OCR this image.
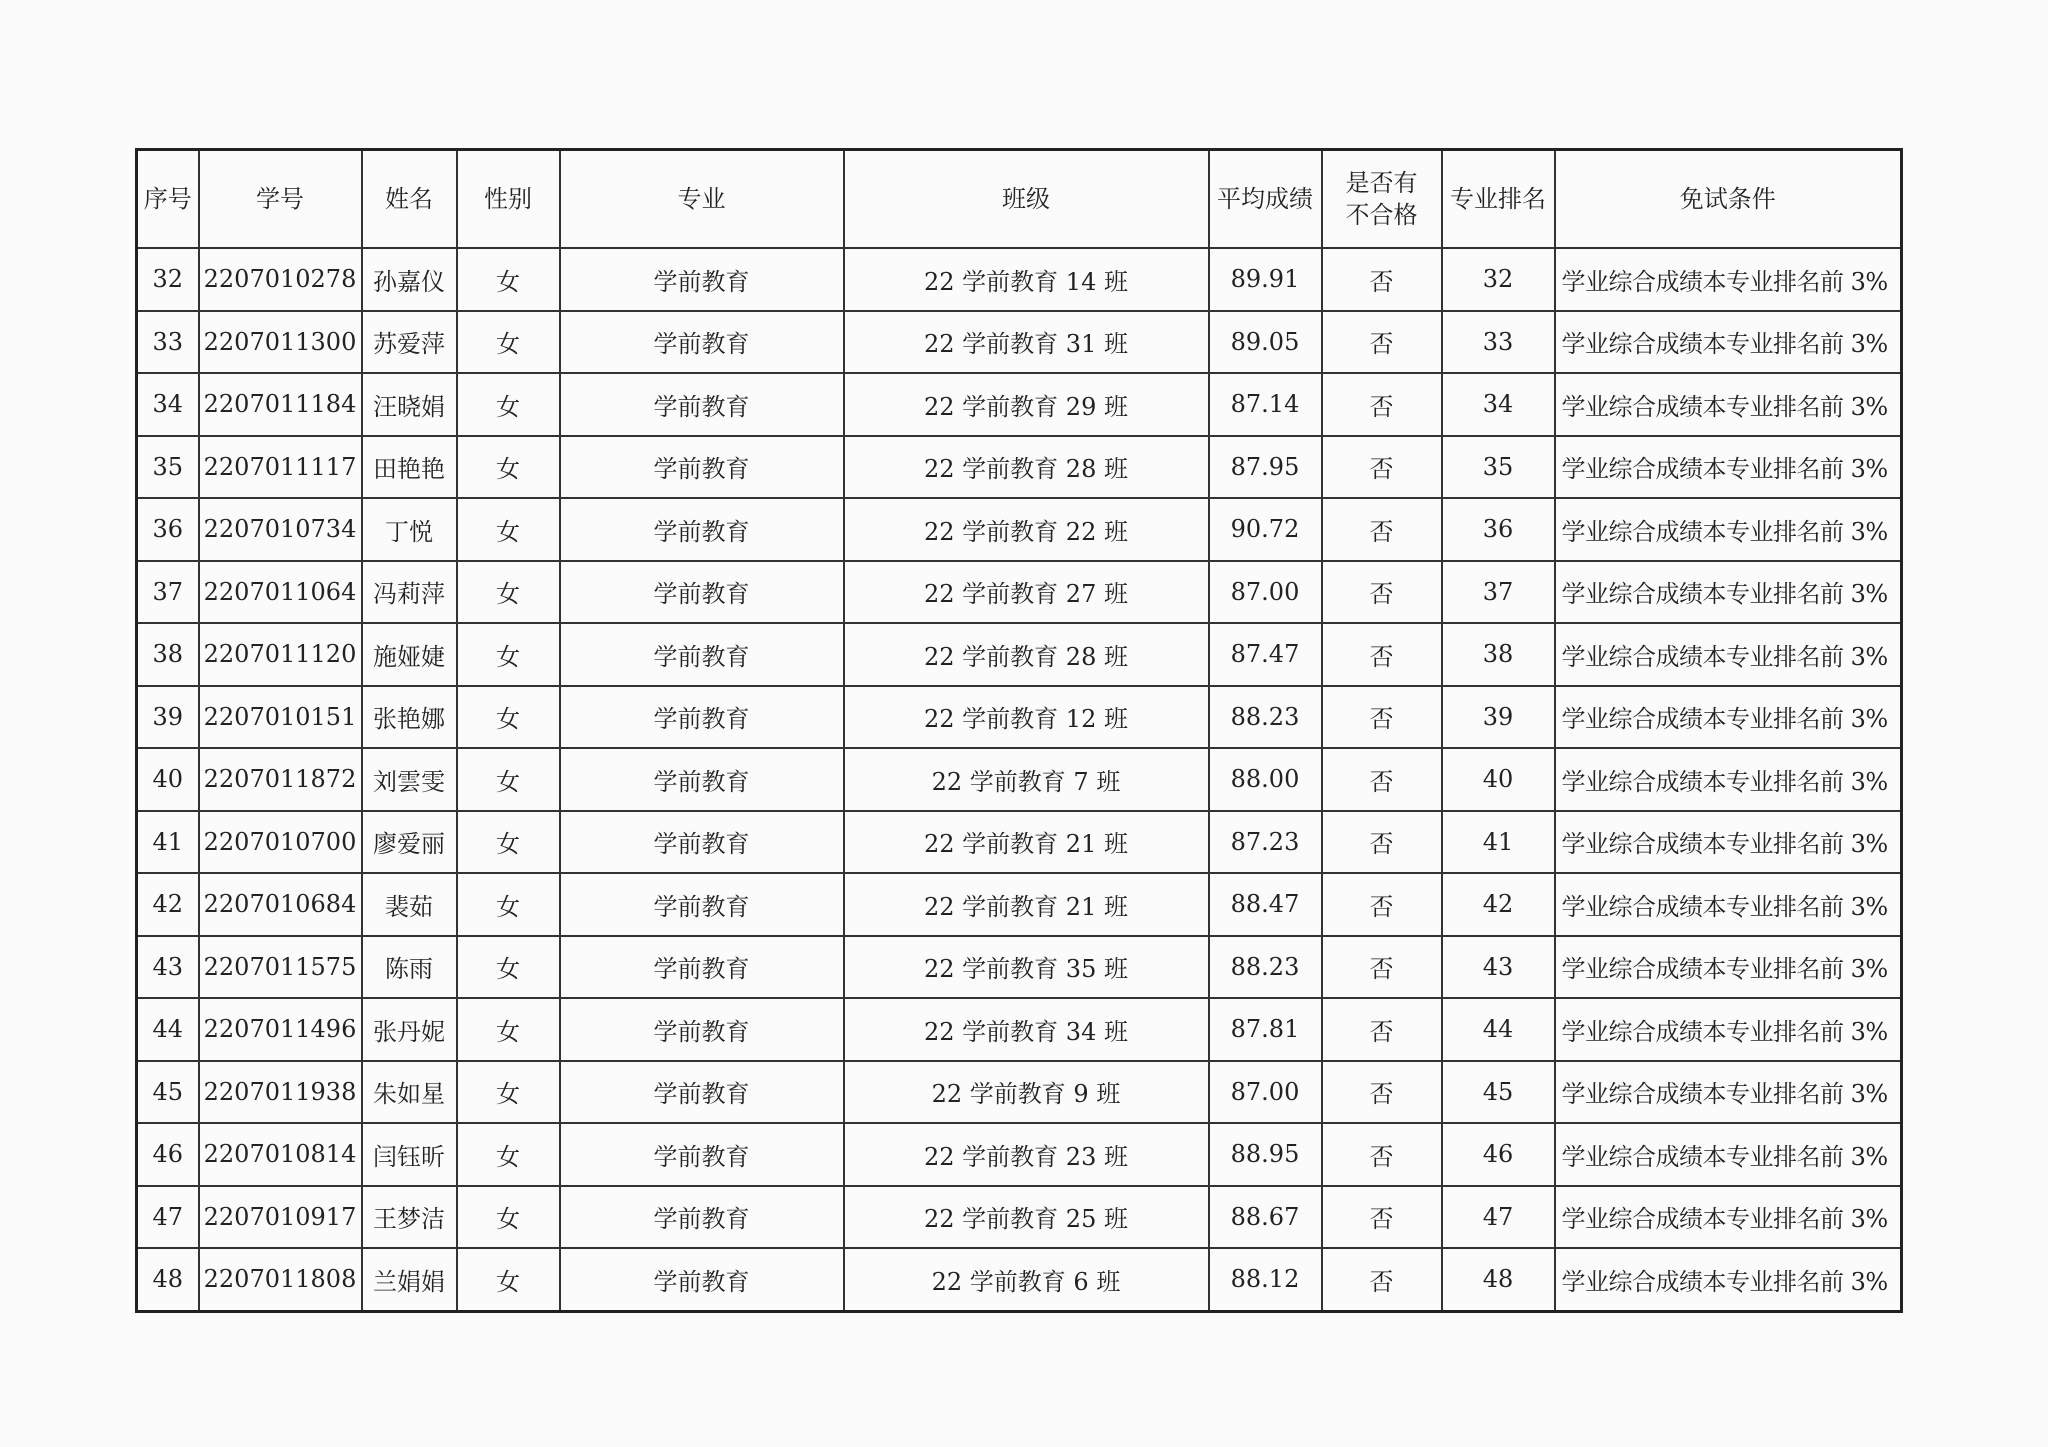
序号	学号	姓名	性别	专业	班级	平均成绩	是否有不合格	专业排名	免试条件
32	2207010278	孙嘉仪	女	学前教育	22 学前教育 14 班	89.91	否	32	学业综合成绩本专业排名前 3%
33	2207011300	苏爱萍	女	学前教育	22 学前教育 31 班	89.05	否	33	学业综合成绩本专业排名前 3%
34	2207011184	汪晓娟	女	学前教育	22 学前教育 29 班	87.14	否	34	学业综合成绩本专业排名前 3%
35	2207011117	田艳艳	女	学前教育	22 学前教育 28 班	87.95	否	35	学业综合成绩本专业排名前 3%
36	2207010734	丁悦	女	学前教育	22 学前教育 22 班	90.72	否	36	学业综合成绩本专业排名前 3%
37	2207011064	冯莉萍	女	学前教育	22 学前教育 27 班	87.00	否	37	学业综合成绩本专业排名前 3%
38	2207011120	施娅婕	女	学前教育	22 学前教育 28 班	87.47	否	38	学业综合成绩本专业排名前 3%
39	2207010151	张艳娜	女	学前教育	22 学前教育 12 班	88.23	否	39	学业综合成绩本专业排名前 3%
40	2207011872	刘雲雯	女	学前教育	22 学前教育 7 班	88.00	否	40	学业综合成绩本专业排名前 3%
41	2207010700	廖爱丽	女	学前教育	22 学前教育 21 班	87.23	否	41	学业综合成绩本专业排名前 3%
42	2207010684	裴茹	女	学前教育	22 学前教育 21 班	88.47	否	42	学业综合成绩本专业排名前 3%
43	2207011575	陈雨	女	学前教育	22 学前教育 35 班	88.23	否	43	学业综合成绩本专业排名前 3%
44	2207011496	张丹妮	女	学前教育	22 学前教育 34 班	87.81	否	44	学业综合成绩本专业排名前 3%
45	2207011938	朱如星	女	学前教育	22 学前教育 9 班	87.00	否	45	学业综合成绩本专业排名前 3%
46	2207010814	闫钰昕	女	学前教育	22 学前教育 23 班	88.95	否	46	学业综合成绩本专业排名前 3%
47	2207010917	王梦洁	女	学前教育	22 学前教育 25 班	88.67	否	47	学业综合成绩本专业排名前 3%
48	2207011808	兰娟娟	女	学前教育	22 学前教育 6 班	88.12	否	48	学业综合成绩本专业排名前 3%
